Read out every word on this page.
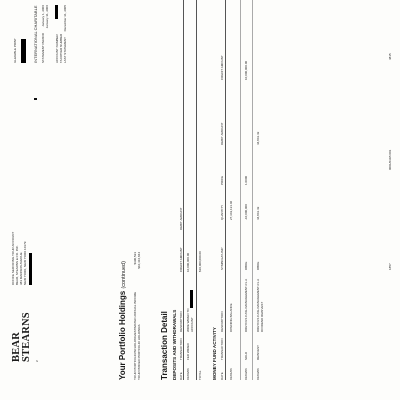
BEAR STEARNS #
OFFICE SERVICING YOUR ACCOUNT BEAR, STEARNS & CO. INC. 383 MADISON AVENUE NEW YORK, NEW YORK 10179
ILLEGIBLE PRINT	INTERNATIONAL CHARITABLE STATEMENT PERIOD
January 1, 2006 January 31, 2006
ACCOUNT NUMBER TAXPAYER NUMBER LAST STATEMENT
December 31, 2005
Your Portfolio Holdings (continued)
YOUR PORTFOLIO/SCHOLONG/ESTIMATED ANNUAL INCOME
$390,523
YOUR PRICED PORTFOLIO HOLDINGS
$10,416,844
Transaction Detail DEPOSITS AND WITHDRAWALS DATE
TRANSACTION
DESCRIPTION
CREDIT AMOUNT
DEBIT AMOUNT
01/04/06
FED WIRED
WIRE WIRED TO ACCOUNT
10,000,000.00
TOTAL
$10,000,000.00
MONEY FUND ACTIVITY DATE
TRANSACTION
DESCRIPTION
SYMBOL/CUSIP
QUANTITY
PRICE
DEBIT AMOUNT
CREDIT AMOUNT
01/01/06
OPENING BALANCE
27,343,131.40
01/03/06
SOLD
DREYFUS CASH MANAGEMENT-CL A
DBDE
-10,000,000
1.0000
10,000,000.00
01/03/06
REINVEST
DREYFUS CASH MANAGEMENT-CL A DIVIDEND REINVEST
DBDE
44,841.43
44,841.43
1857
0001/031B 001
4815
